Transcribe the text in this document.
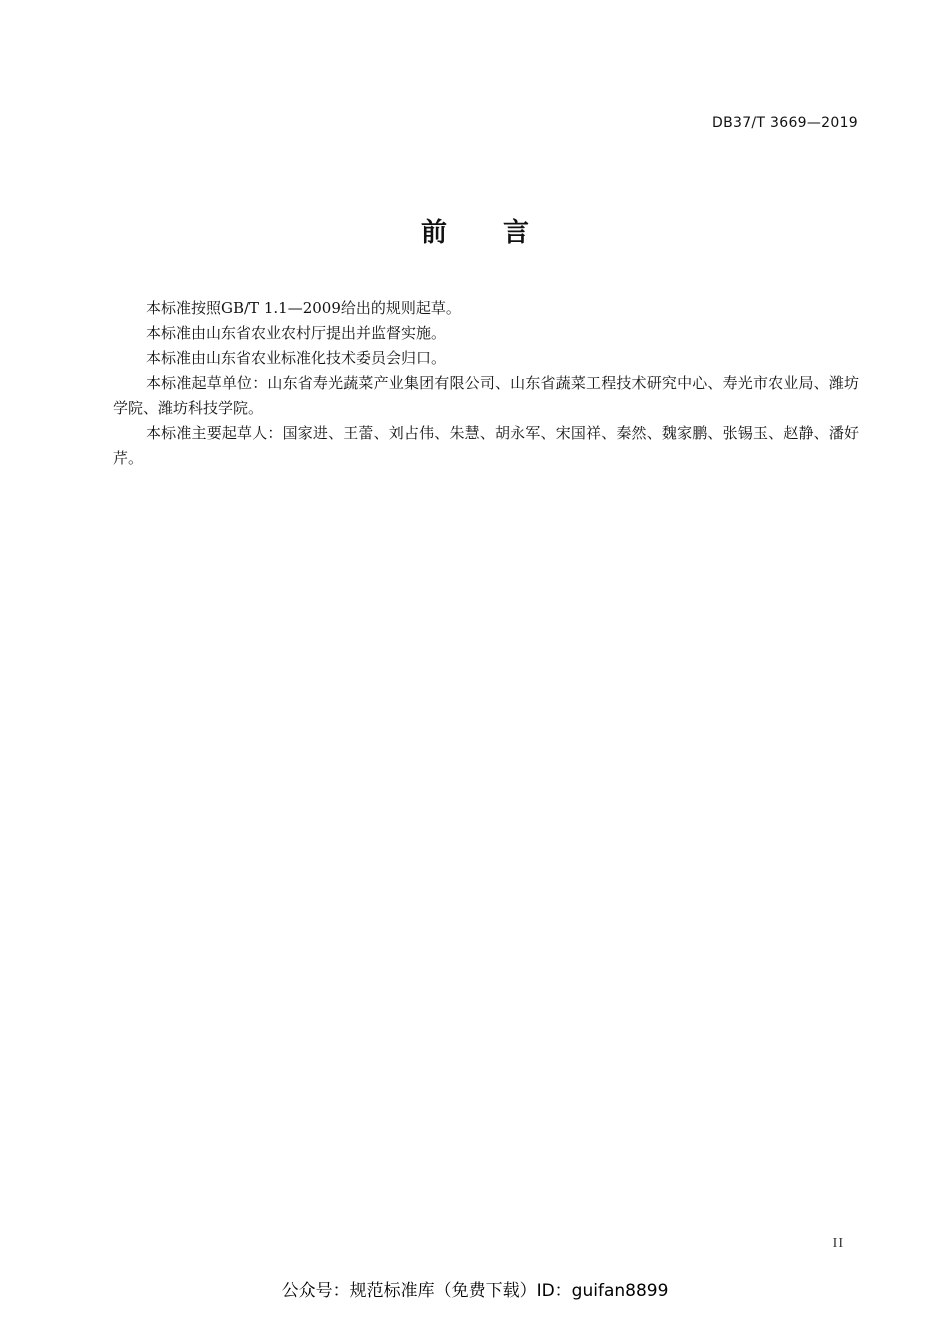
DB37/T 3669—2019
前言

本标准按照GB/T 1.1—2009给出的规则起草。

本标准由山东省农业农村厅提出并监督实施。

本标准由山东省农业标准化技术委员会归口。

本标准起草单位：山东省寿光蔬菜产业集团有限公司、山东省蔬菜工程技术研究中心、寿光市农业局、潍坊学院、潍坊科技学院。

本标准主要起草人：国家进、王蕾、刘占伟、朱慧、胡永军、宋国祥、秦然、魏家鹏、张锡玉、赵静、潘好芹。

II
公众号：规范标准库（免费下载）ID：guifan8899
